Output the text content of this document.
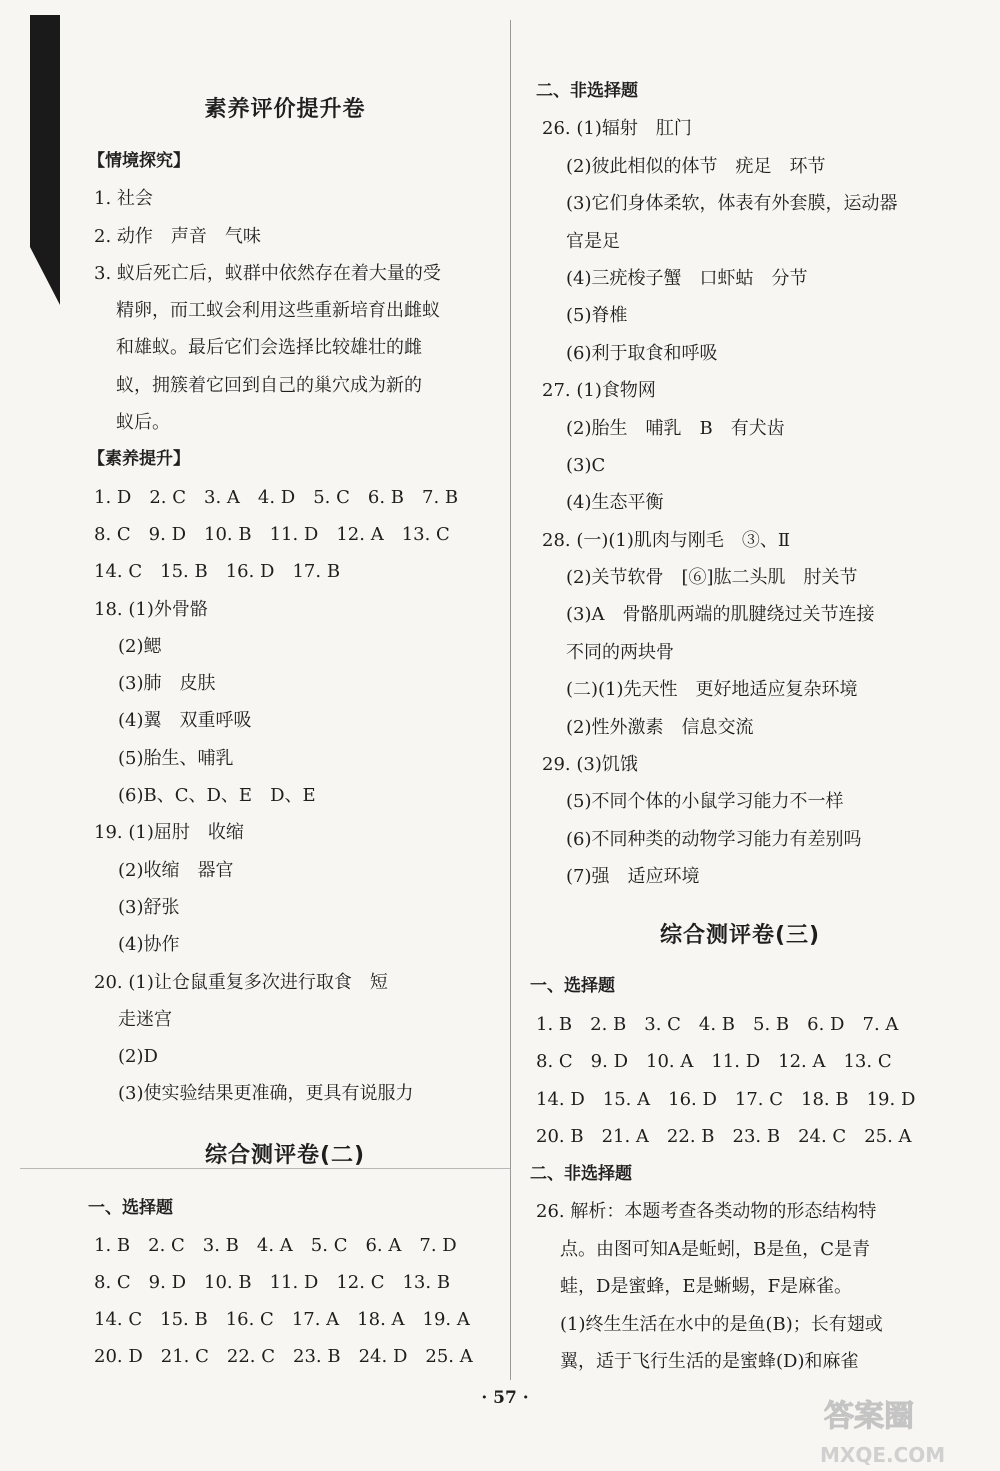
素养评价提升卷
【情境探究】
1. 社会
2. 动作　声音　气味
3. 蚁后死亡后，蚁群中依然存在着大量的受
精卵，而工蚁会利用这些重新培育出雌蚁
和雄蚁。最后它们会选择比较雄壮的雌
蚁，拥簇着它回到自己的巢穴成为新的
蚁后。
【素养提升】
1. D　2. C　3. A　4. D　5. C　6. B　7. B
8. C　9. D　10. B　11. D　12. A　13. C
14. C　15. B　16. D　17. B
18. (1)外骨骼
(2)鳃
(3)肺　皮肤
(4)翼　双重呼吸
(5)胎生、哺乳
(6)B、C、D、E　D、E
19. (1)屈肘　收缩
(2)收缩　器官
(3)舒张
(4)协作
20. (1)让仓鼠重复多次进行取食　短
走迷宫
(2)D
(3)使实验结果更准确，更具有说服力
综合测评卷(二)
一、选择题
1. B　2. C　3. B　4. A　5. C　6. A　7. D
8. C　9. D　10. B　11. D　12. C　13. B
14. C　15. B　16. C　17. A　18. A　19. A
20. D　21. C　22. C　23. B　24. D　25. A
二、非选择题
26. (1)辐射　肛门
(2)彼此相似的体节　疣足　环节
(3)它们身体柔软，体表有外套膜，运动器
官是足
(4)三疣梭子蟹　口虾蛄　分节
(5)脊椎
(6)利于取食和呼吸
27. (1)食物网
(2)胎生　哺乳　B　有犬齿
(3)C
(4)生态平衡
28. (一)(1)肌肉与刚毛　③、Ⅱ
(2)关节软骨　[⑥]肱二头肌　肘关节
(3)A　骨骼肌两端的肌腱绕过关节连接
不同的两块骨
(二)(1)先天性　更好地适应复杂环境
(2)性外激素　信息交流
29. (3)饥饿
(5)不同个体的小鼠学习能力不一样
(6)不同种类的动物学习能力有差别吗
(7)强　适应环境
综合测评卷(三)
一、选择题
1. B　2. B　3. C　4. B　5. B　6. D　7. A
8. C　9. D　10. A　11. D　12. A　13. C
14. D　15. A　16. D　17. C　18. B　19. D
20. B　21. A　22. B　23. B　24. C　25. A
二、非选择题
26. 解析：本题考查各类动物的形态结构特
点。由图可知A是蚯蚓，B是鱼，C是青
蛙，D是蜜蜂，E是蜥蜴，F是麻雀。
(1)终生生活在水中的是鱼(B)；长有翅或
翼，适于飞行生活的是蜜蜂(D)和麻雀
· 57 ·
答案圈
MXQE.COM
